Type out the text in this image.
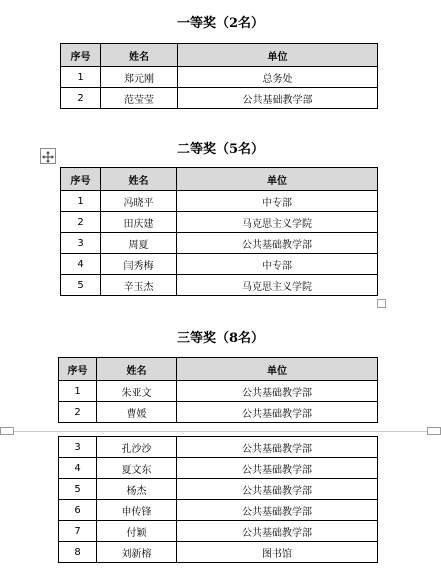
一等奖（2名）
序号	姓名	单位
1	郑元刚	总务处
2	范莹莹	公共基础教学部
二等奖（5名）
序号	姓名	单位
1	冯晓平	中专部
2	田庆建	马克思主义学院
3	周夏	公共基础教学部
4	闫秀梅	中专部
5	辛玉杰	马克思主义学院
三等奖（8名）
序号	姓名	单位
1	朱亚文	公共基础教学部
2	曹媛	公共基础教学部
3	孔沙沙	公共基础教学部
4	夏文东	公共基础教学部
5	杨杰	公共基础教学部
6	申传锋	公共基础教学部
7	付颖	公共基础教学部
8	刘新榕	图书馆
